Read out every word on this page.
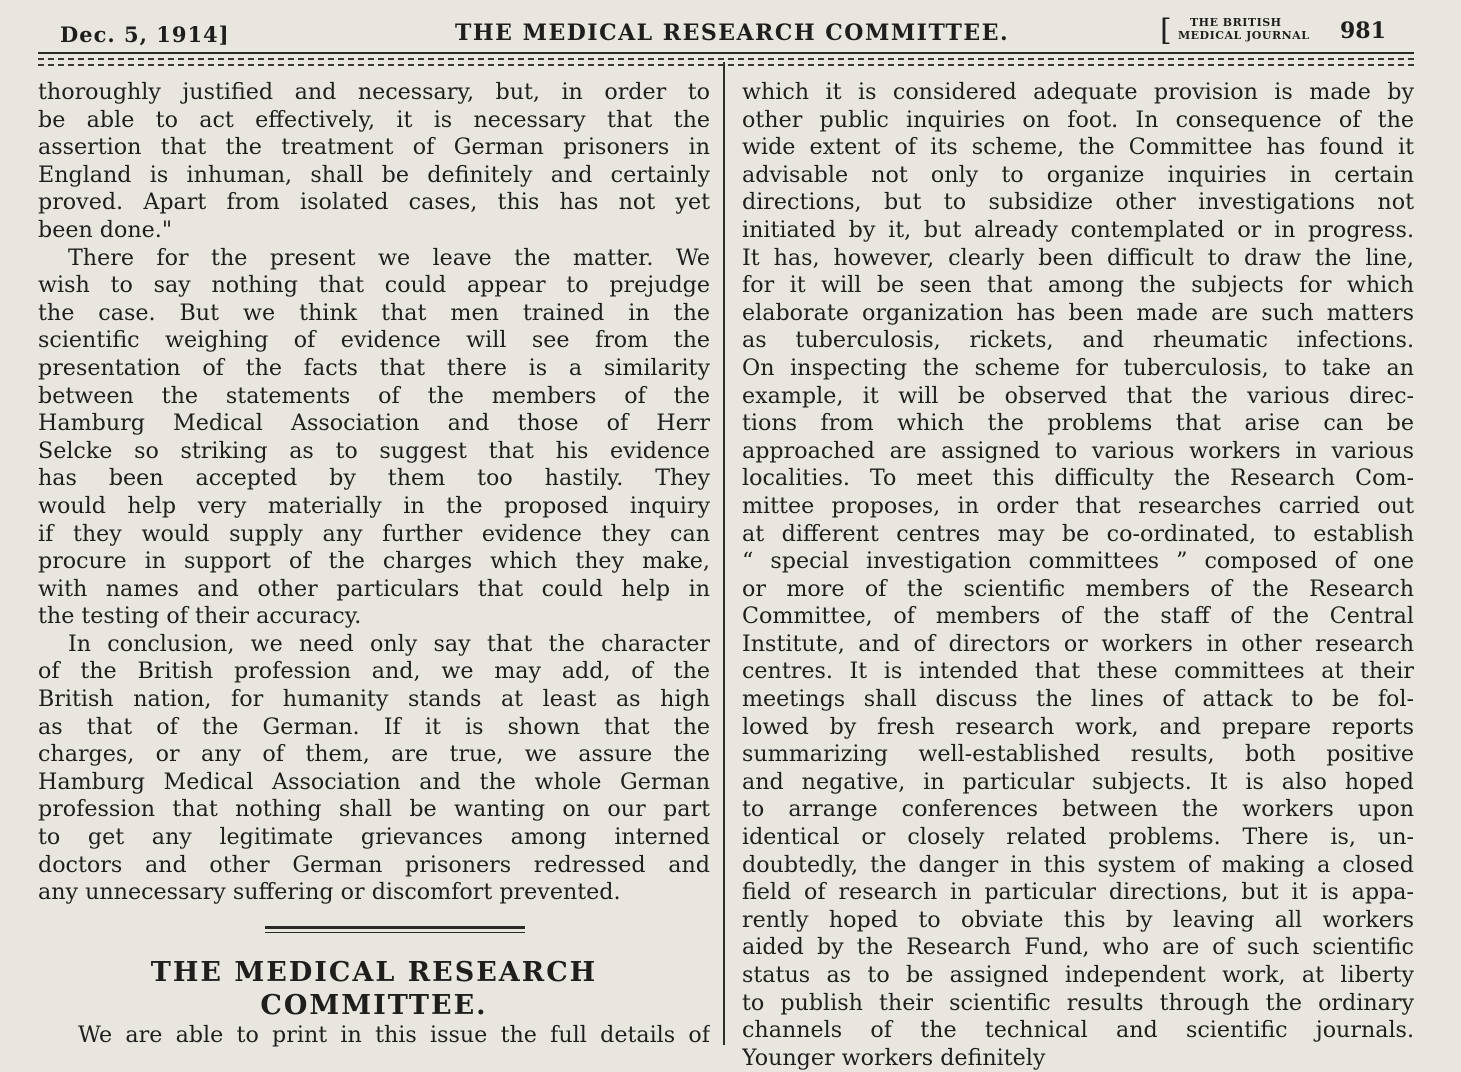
Dec. 5, 1914]	THE MEDICAL RESEARCH COMMITTEE.	[ THE BRITISH
MEDICAL JOURNAL 981
thoroughly justified and necessary, but, in order to
be able to act effectively, it is necessary that the
assertion that the treatment of German prisoners in
England is inhuman, shall be definitely and certainly
proved. Apart from isolated cases, this has not yet
been done."
There for the present we leave the matter. We
wish to say nothing that could appear to prejudge
the case. But we think that men trained in the
scientific weighing of evidence will see from the
presentation of the facts that there is a similarity
between the statements of the members of the
Hamburg Medical Association and those of Herr
Selcke so striking as to suggest that his evidence
has been accepted by them too hastily. They
would help very materially in the proposed inquiry
if they would supply any further evidence they can
procure in support of the charges which they make,
with names and other particulars that could help in
the testing of their accuracy.
In conclusion, we need only say that the character
of the British profession and, we may add, of the
British nation, for humanity stands at least as high
as that of the German. If it is shown that the
charges, or any of them, are true, we assure the
Hamburg Medical Association and the whole German
profession that nothing shall be wanting on our part
to get any legitimate grievances among interned
doctors and other German prisoners redressed and
any unnecessary suffering or discomfort prevented.
THE MEDICAL RESEARCH
COMMITTEE.
We are able to print in this issue the full details of
which it is considered adequate provision is made by
other public inquiries on foot. In consequence of the
wide extent of its scheme, the Committee has found it
advisable not only to organize inquiries in certain
directions, but to subsidize other investigations not
initiated by it, but already contemplated or in progress.
It has, however, clearly been difficult to draw the line,
for it will be seen that among the subjects for which
elaborate organization has been made are such matters
as tuberculosis, rickets, and rheumatic infections.
On inspecting the scheme for tuberculosis, to take an
example, it will be observed that the various direc-
tions from which the problems that arise can be
approached are assigned to various workers in various
localities. To meet this difficulty the Research Com-
mittee proposes, in order that researches carried out
at different centres may be co-ordinated, to establish
“ special investigation committees ” composed of one
or more of the scientific members of the Research
Committee, of members of the staff of the Central
Institute, and of directors or workers in other research
centres. It is intended that these committees at their
meetings shall discuss the lines of attack to be fol-
lowed by fresh research work, and prepare reports
summarizing well-established results, both positive
and negative, in particular subjects. It is also hoped
to arrange conferences between the workers upon
identical or closely related problems. There is, un-
doubtedly, the danger in this system of making a closed
field of research in particular directions, but it is appa-
rently hoped to obviate this by leaving all workers
aided by the Research Fund, who are of such scientific
status as to be assigned independent work, at liberty
to publish their scientific results through the ordinary
channels of the technical and scientific journals.
Younger workers definitely
